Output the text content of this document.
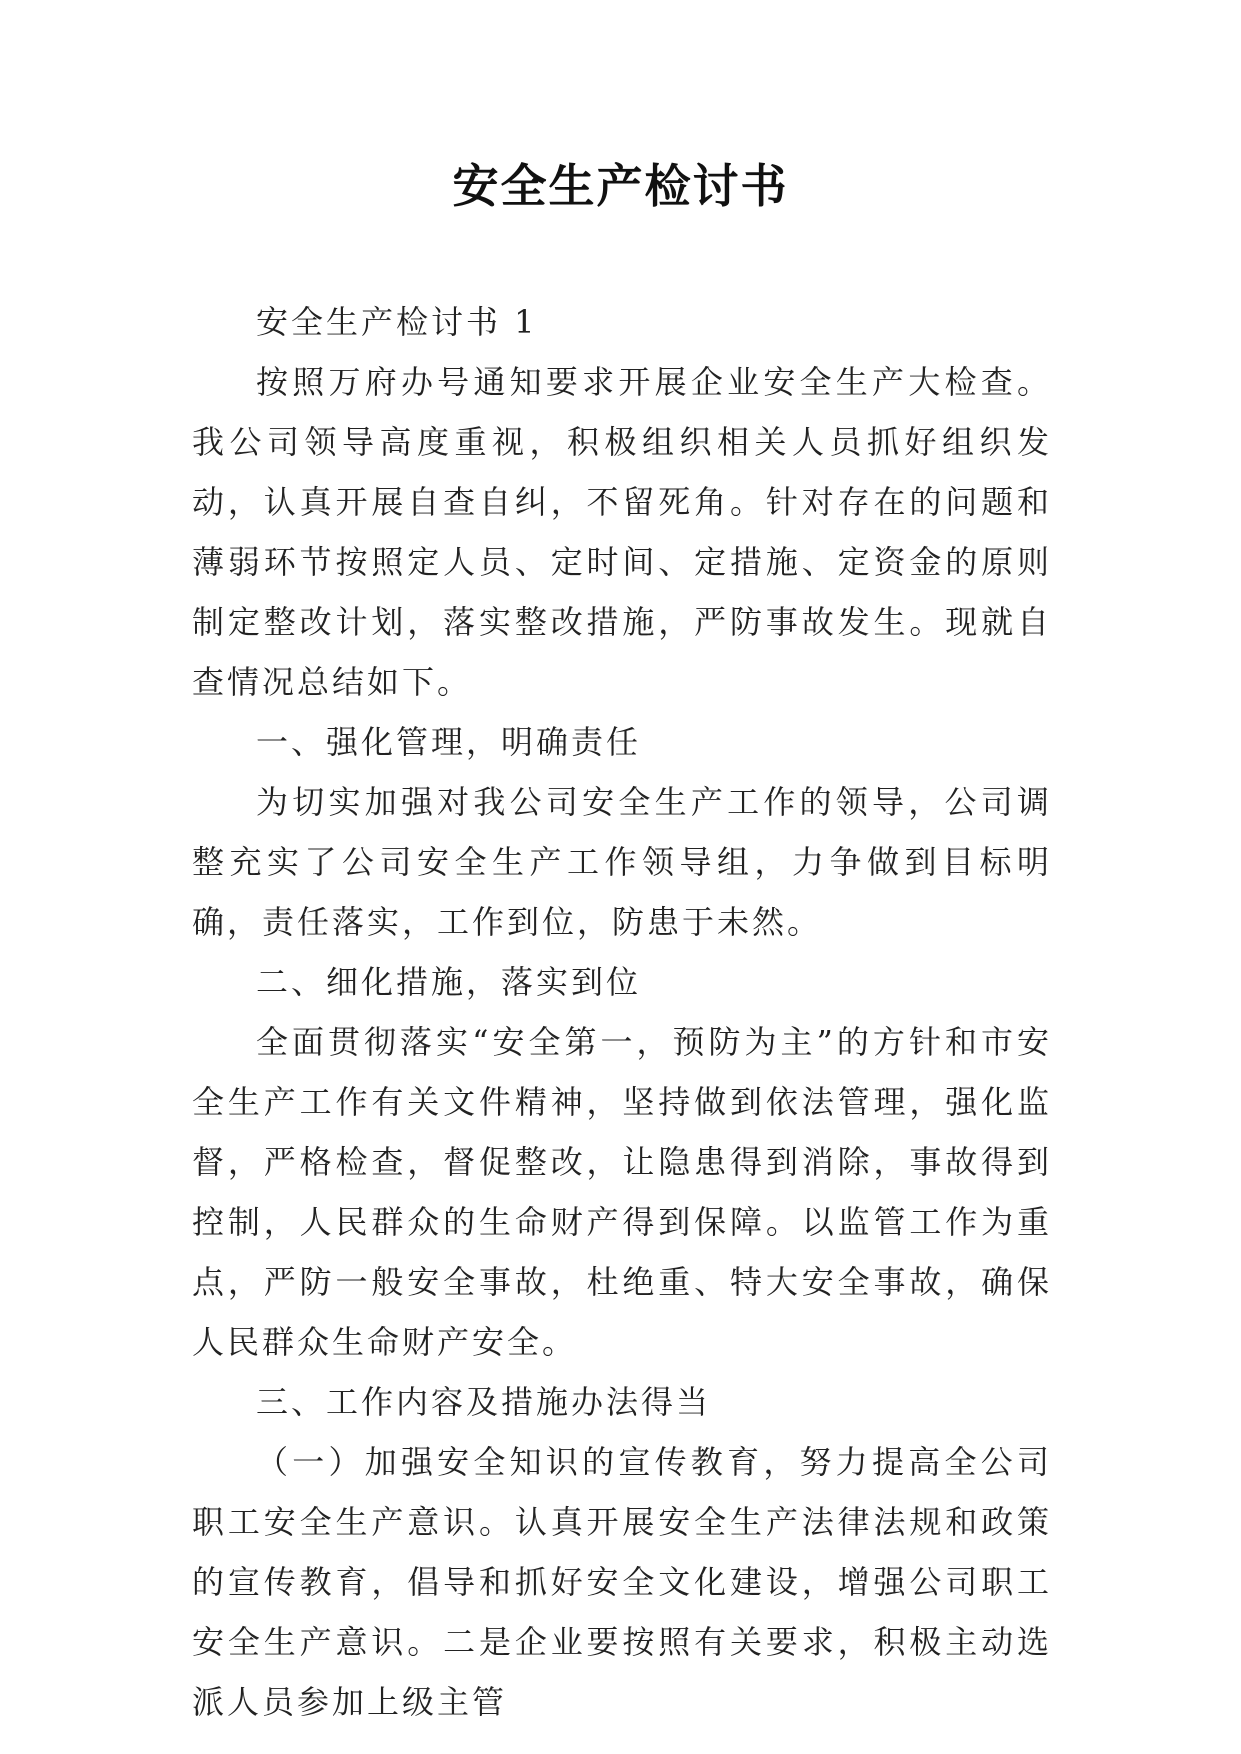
安全生产检讨书

安全生产检讨书 1

按照万府办号通知要求开展企业安全生产大检查。我公司领导高度重视，积极组织相关人员抓好组织发动，认真开展自查自纠，不留死角。针对存在的问题和薄弱环节按照定人员、定时间、定措施、定资金的原则制定整改计划，落实整改措施，严防事故发生。现就自查情况总结如下。

一、强化管理，明确责任

为切实加强对我公司安全生产工作的领导，公司调整充实了公司安全生产工作领导组，力争做到目标明确，责任落实，工作到位，防患于未然。

二、细化措施，落实到位

全面贯彻落实“安全第一，预防为主”的方针和市安全生产工作有关文件精神，坚持做到依法管理，强化监督，严格检查，督促整改，让隐患得到消除，事故得到控制，人民群众的生命财产得到保障。以监管工作为重点，严防一般安全事故，杜绝重、特大安全事故，确保人民群众生命财产安全。

三、工作内容及措施办法得当

（一）加强安全知识的宣传教育，努力提高全公司职工安全生产意识。认真开展安全生产法律法规和政策的宣传教育，倡导和抓好安全文化建设，增强公司职工安全生产意识。二是企业要按照有关要求，积极主动选派人员参加上级主管
